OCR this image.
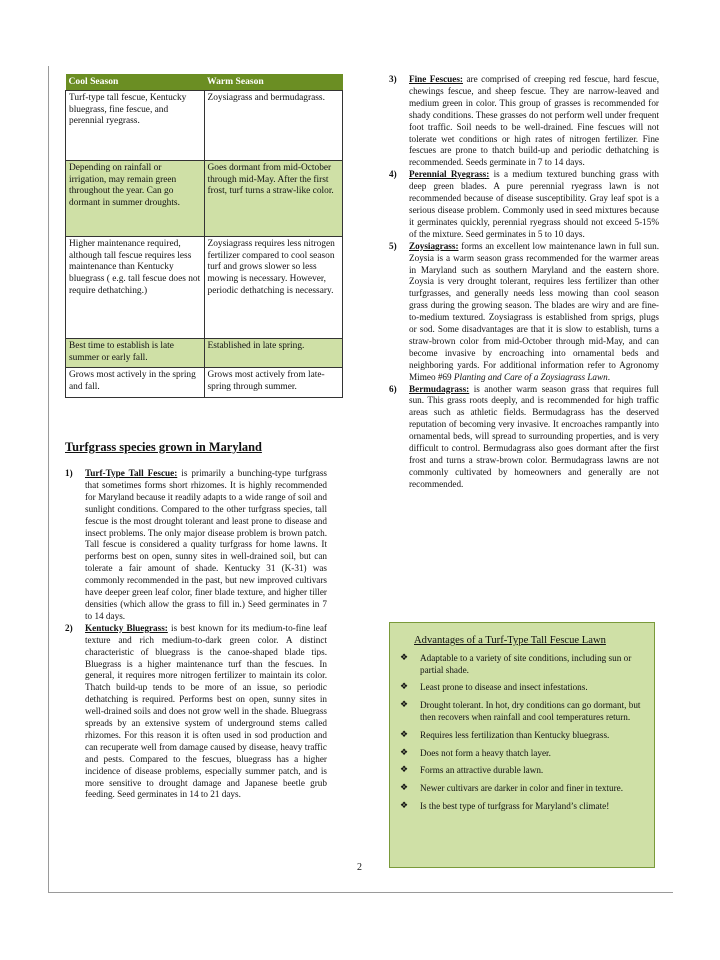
Cool Season	Warm Season
Turf-type tall fescue, Kentucky bluegrass, fine fescue, and perennial ryegrass.	Zoysiagrass and bermudagrass.
Depending on rainfall or irrigation, may remain green throughout the year. Can go dormant in summer droughts.	Goes dormant from mid-October through mid-May. After the first frost, turf turns a straw-like color.
Higher maintenance required, although tall fescue requires less maintenance than Kentucky bluegrass ( e.g. tall fescue does not require dethatching.)	Zoysiagrass requires less nitrogen fertilizer compared to cool season turf and grows slower so less mowing is necessary. However, periodic dethatching is necessary.
Best time to establish is late summer or early fall.	Established in late spring.
Grows most actively in the spring and fall.	Grows most actively from late-spring through summer.
Turfgrass species grown in Maryland
1) Turf-Type Tall Fescue: is primarily a bunching-type turfgrass that sometimes forms short rhizomes. It is highly recommended for Maryland because it readily adapts to a wide range of soil and sunlight conditions. Compared to the other turfgrass species, tall fescue is the most drought tolerant and least prone to disease and insect problems. The only major disease problem is brown patch. Tall fescue is considered a quality turfgrass for home lawns. It performs best on open, sunny sites in well-drained soil, but can tolerate a fair amount of shade. Kentucky 31 (K-31) was commonly recommended in the past, but new improved cultivars have deeper green leaf color, finer blade texture, and higher tiller densities (which allow the grass to fill in.) Seed germinates in 7 to 14 days.
2) Kentucky Bluegrass: is best known for its medium-to-fine leaf texture and rich medium-to-dark green color. A distinct characteristic of bluegrass is the canoe-shaped blade tips. Bluegrass is a higher maintenance turf than the fescues. In general, it requires more nitrogen fertilizer to maintain its color. Thatch build-up tends to be more of an issue, so periodic dethatching is required. Performs best on open, sunny sites in well-drained soils and does not grow well in the shade. Bluegrass spreads by an extensive system of underground stems called rhizomes. For this reason it is often used in sod production and can recuperate well from damage caused by disease, heavy traffic and pests. Compared to the fescues, bluegrass has a higher incidence of disease problems, especially summer patch, and is more sensitive to drought damage and Japanese beetle grub feeding. Seed germinates in 14 to 21 days.
3) Fine Fescues: are comprised of creeping red fescue, hard fescue, chewings fescue, and sheep fescue. They are narrow-leaved and medium green in color. This group of grasses is recommended for shady conditions. These grasses do not perform well under frequent foot traffic. Soil needs to be well-drained. Fine fescues will not tolerate wet conditions or high rates of nitrogen fertilizer. Fine fescues are prone to thatch build-up and periodic dethatching is recommended. Seeds germinate in 7 to 14 days.
4) Perennial Ryegrass: is a medium textured bunching grass with deep green blades. A pure perennial ryegrass lawn is not recommended because of disease susceptibility. Gray leaf spot is a serious disease problem. Commonly used in seed mixtures because it germinates quickly, perennial ryegrass should not exceed 5-15% of the mixture. Seed germinates in 5 to 10 days.
5) Zoysiagrass: forms an excellent low maintenance lawn in full sun. Zoysia is a warm season grass recommended for the warmer areas in Maryland such as southern Maryland and the eastern shore. Zoysia is very drought tolerant, requires less fertilizer than other turfgrasses, and generally needs less mowing than cool season grass during the growing season. The blades are wiry and are fine-to-medium textured. Zoysiagrass is established from sprigs, plugs or sod. Some disadvantages are that it is slow to establish, turns a straw-brown color from mid-October through mid-May, and can become invasive by encroaching into ornamental beds and neighboring yards. For additional information refer to Agronomy Mimeo #69 Planting and Care of a Zoysiagrass Lawn.
6) Bermudagrass: is another warm season grass that requires full sun. This grass roots deeply, and is recommended for high traffic areas such as athletic fields. Bermudagrass has the deserved reputation of becoming very invasive. It encroaches rampantly into ornamental beds, will spread to surrounding properties, and is very difficult to control. Bermudagrass also goes dormant after the first frost and turns a straw-brown color. Bermudagrass lawns are not commonly cultivated by homeowners and generally are not recommended.
Advantages of a Turf-Type Tall Fescue Lawn
❖ Adaptable to a variety of site conditions, including sun or partial shade.
❖ Least prone to disease and insect infestations.
❖ Drought tolerant. In hot, dry conditions can go dormant, but then recovers when rainfall and cool temperatures return.
❖ Requires less fertilization than Kentucky bluegrass.
❖ Does not form a heavy thatch layer.
❖ Forms an attractive durable lawn.
❖ Newer cultivars are darker in color and finer in texture.
❖ Is the best type of turfgrass for Maryland’s climate!
2
